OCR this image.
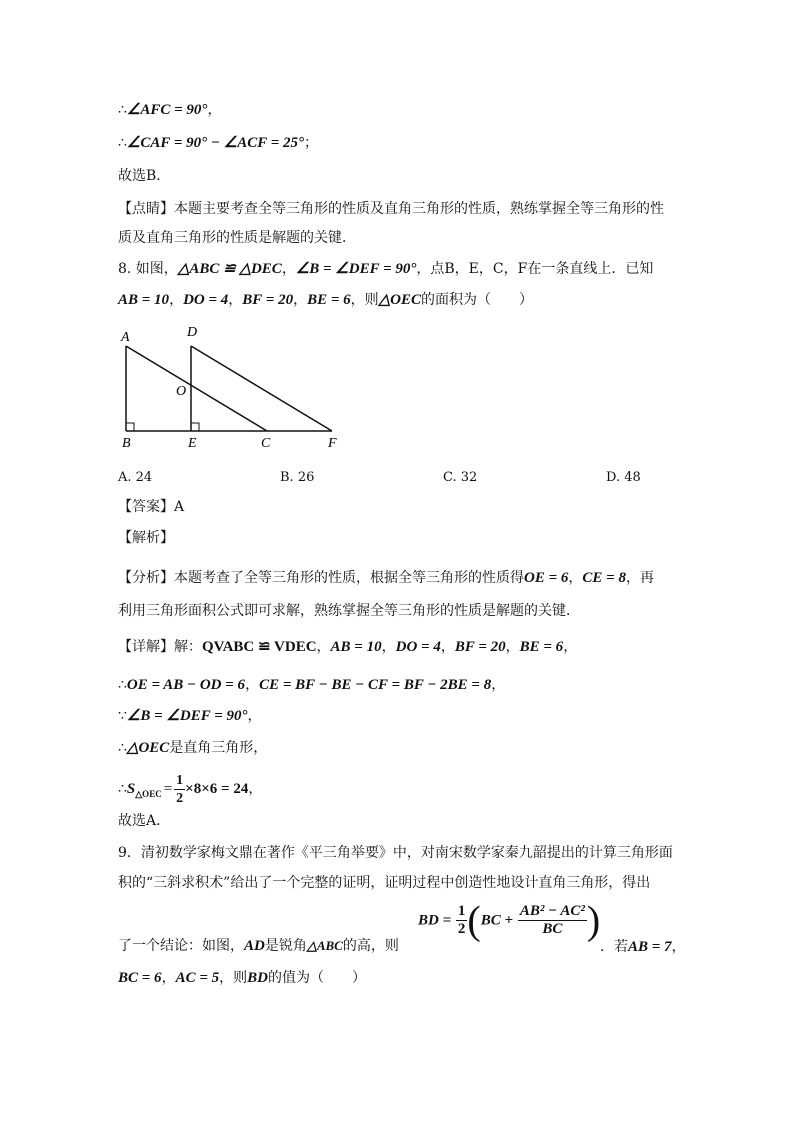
∴∠AFC = 90°，
∴∠CAF = 90° − ∠ACF = 25°；
故选B．
【点睛】本题主要考查全等三角形的性质及直角三角形的性质，熟练掌握全等三角形的性
质及直角三角形的性质是解题的关键．
8. 如图，△ABC ≌ △DEC，∠B = ∠DEF = 90°，点B，E，C，F在一条直线上．已知
AB = 10，DO = 4，BF = 20，BE = 6，则△OEC的面积为（　　）
A	D
O
B	E	C	F
A. 24	B. 26	C. 32	D. 48
【答案】A
【解析】
【分析】本题考查了全等三角形的性质，根据全等三角形的性质得OE = 6，CE = 8，再
利用三角形面积公式即可求解，熟练掌握全等三角形的性质是解题的关键．
【详解】解：QVABC ≌ VDEC，AB = 10，DO = 4，BF = 20，BE = 6，
∴OE = AB − OD = 6，CE = BF − BE − CF = BF − 2BE = 8，
∵∠B = ∠DEF = 90°，
∴△OEC是直角三角形，
$\therefore S_{\triangle OEC} = \frac{1}{2} \times 8\times 6 = 24$，
故选A．
9．清初数学家梅文鼎在著作《平三角举要》中，对南宋数学家秦九韶提出的计算三角形面
积的“三斜求积术”给出了一个完整的证明，证明过程中创造性地设计直角三角形，得出
了一个结论：如图，AD是锐角△ABC的高，则
BD = $\frac{1}{2} (BC + \frac{\text{AB² − AC²}}{BC}$ )
．若AB = 7，
BC = 6，AC = 5，则BD的值为（　　）
